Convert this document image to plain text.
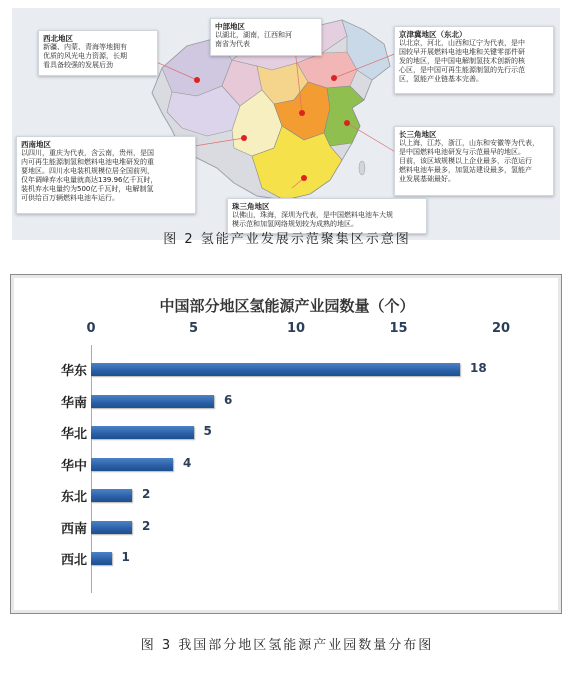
西北地区
新疆、内蒙、青海等地拥有
优质的风光电力资源，长期
看具备较强的发展后劲
中部地区
以湖北，湖南，江西和河
南省为代表
京津冀地区（东北）
以北京，河北，山西和辽宁为代表，是中
国较早开展燃料电池电堆和关键零部件研
发的地区，是中国电解制氢技术创新的核
心区，是中国可再生能源制氢的先行示范
区，氢能产业链基本完善。
西南地区
以四川，重庆为代表，含云南，贵州，是国
内可再生能源制氢和燃料电池电堆研发的重
要地区。四川水电装机规模位居全国前列，
仅年调峰弃水电量就高达139.96亿千瓦时，
装机弃水电量约为500亿千瓦时，电解制氢
可供给百万辆燃料电池车运行。
长三角地区
以上海，江苏，浙江，山东和安徽等为代表，
是中国燃料电池研发与示范最早的地区。
目前，该区域规模以上企业最多，示范运行
燃料电池车最多，加氢站建设最多，氢能产
业发展基础最好。
珠三角地区
以佛山，珠海，深圳为代表，是中国燃料电池车大规
模示范和加氢网络规划较为成熟的地区。
图 2 氢能产业发展示范聚集区示意图
中国部分地区氢能源产业园数量（个）
0	5	10	15	20
华东	18
华南	6
华北	5
华中	4
东北	2
西南	2
西北	1
图 3 我国部分地区氢能源产业园数量分布图
